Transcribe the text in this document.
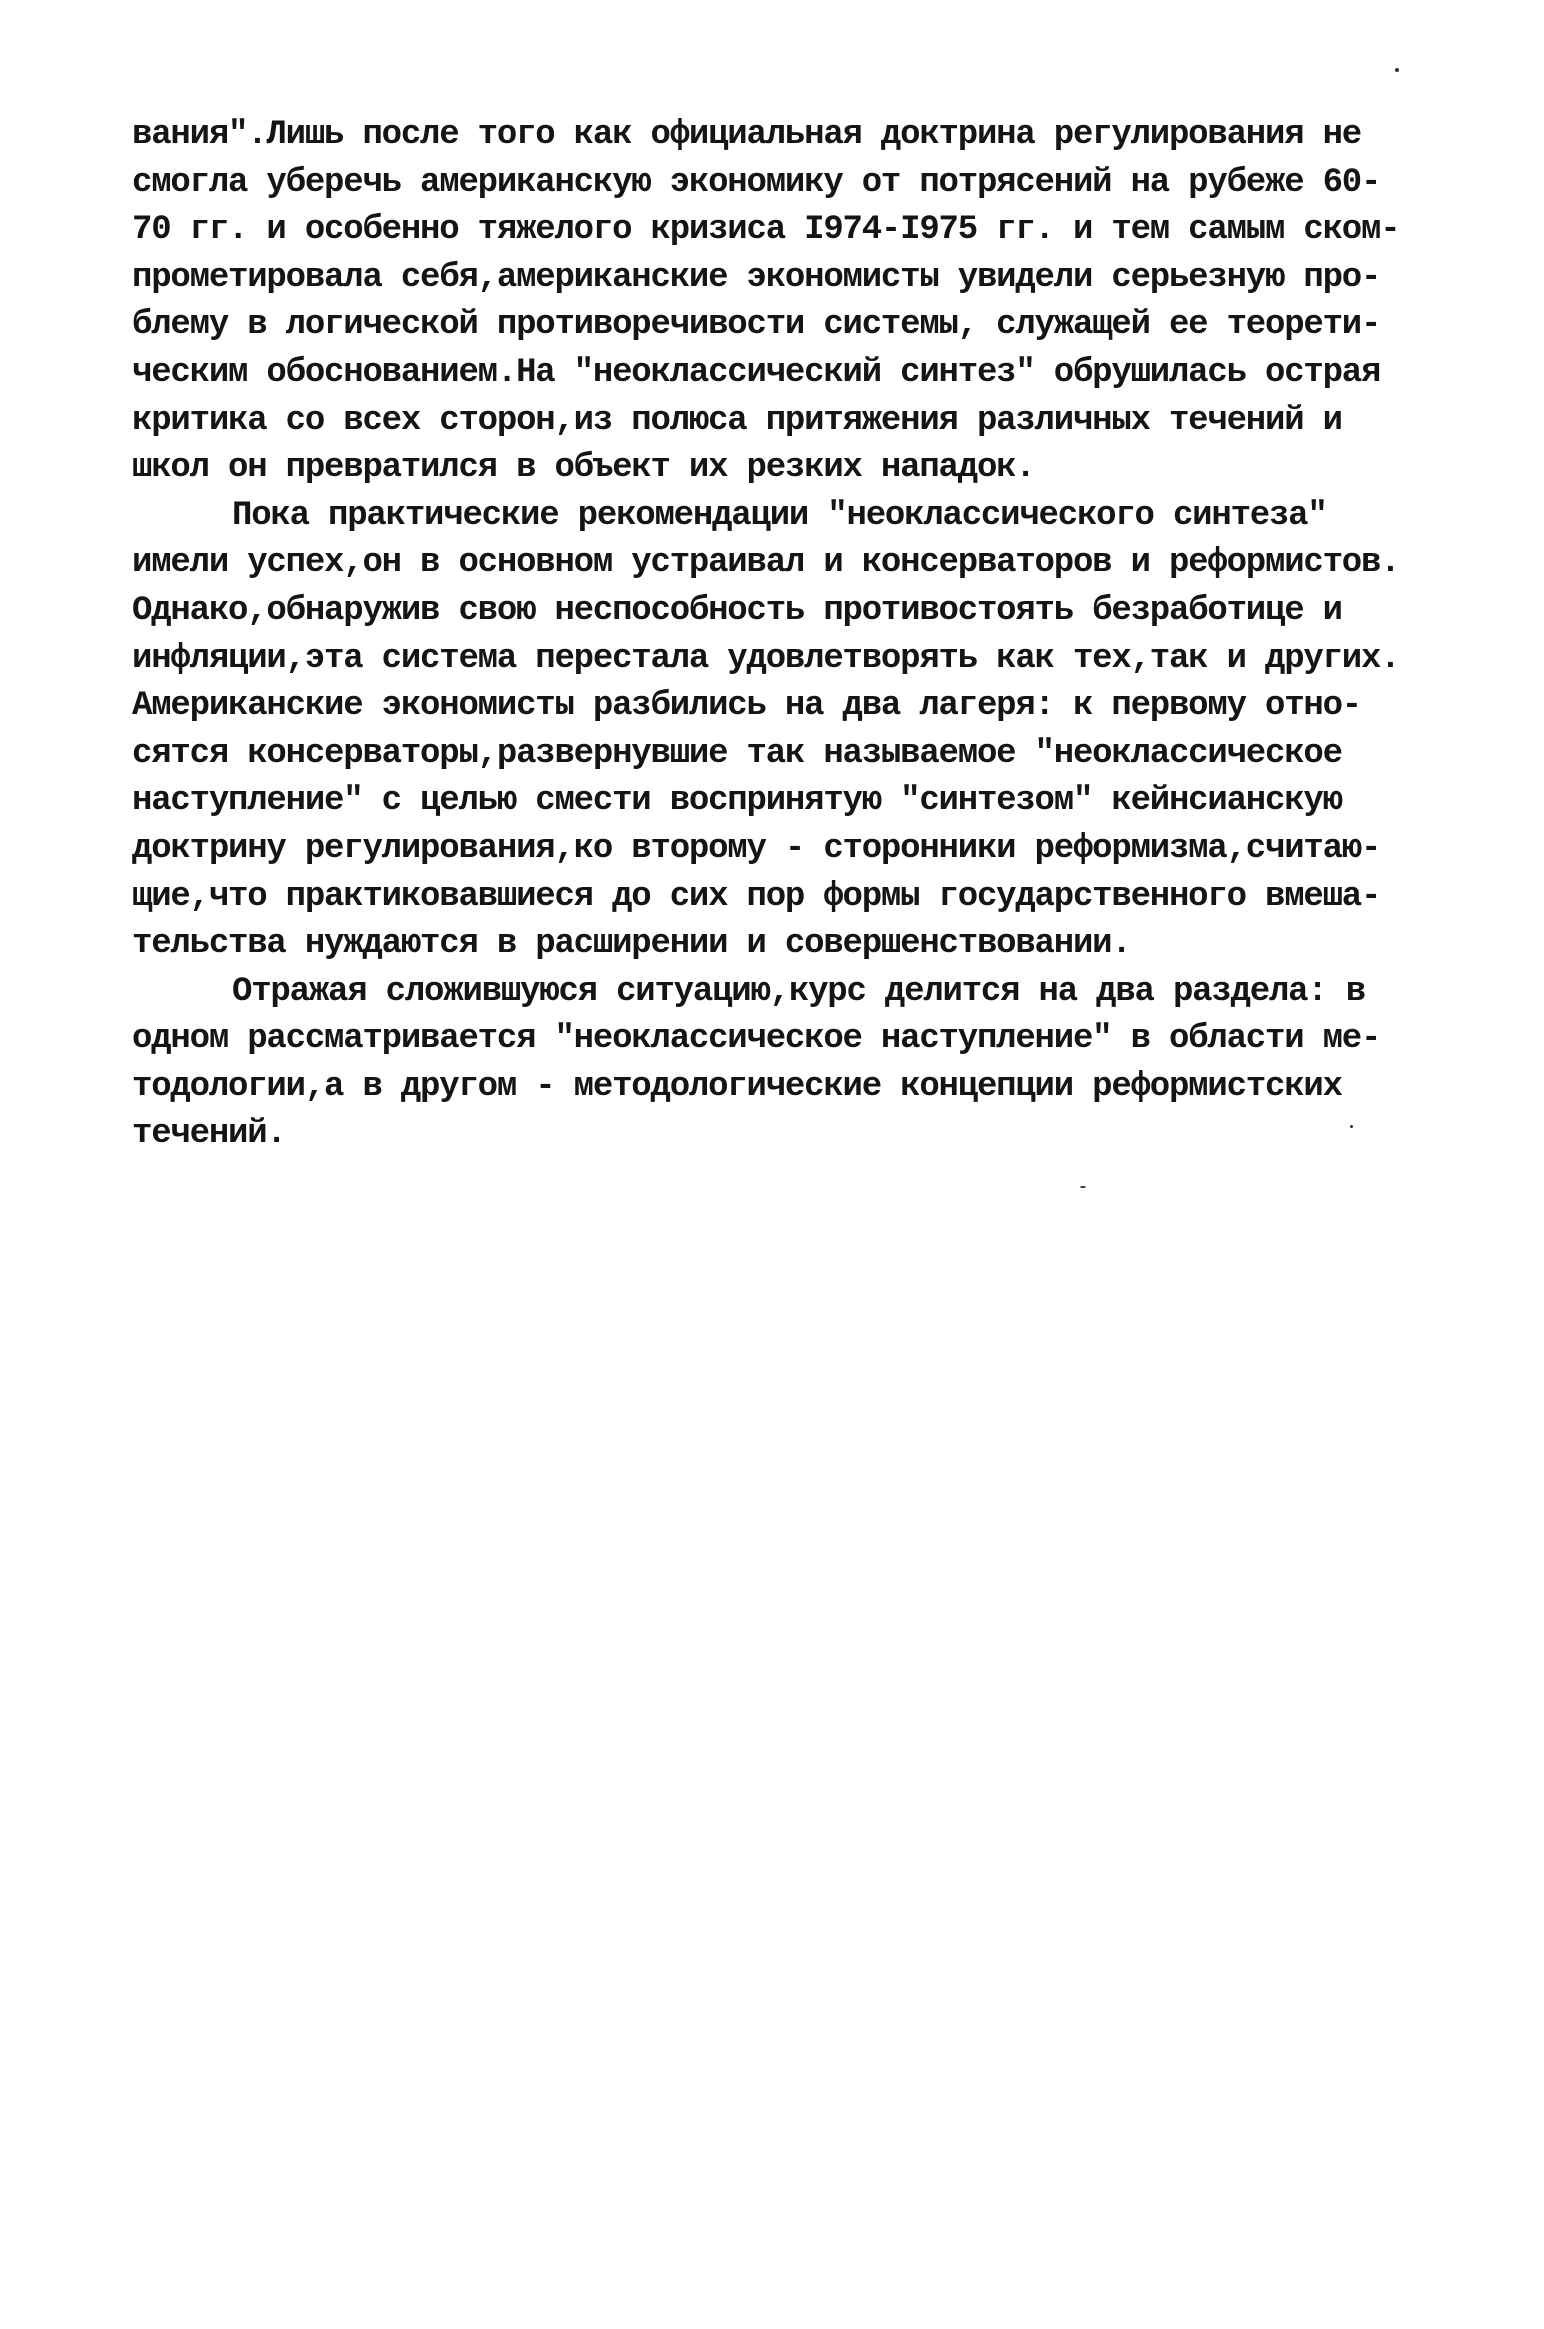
вания".Лишь после того как официальная доктрина регулирования не
смогла уберечь американскую экономику от потрясений на рубеже 60-
70 гг. и особенно тяжелого кризиса I974-I975 гг. и тем самым ском-
прометировала себя,американские экономисты увидели серьезную про-
блему в логической противоречивости системы, служащей ее теорети-
ческим обоснованием.На "неоклассический синтез" обрушилась острая
критика со всех сторон,из полюса притяжения различных течений и
школ он превратился в объект их резких нападок.
Пока практические рекомендации "неоклассического синтеза"
имели успех,он в основном устраивал и консерваторов и реформистов.
Однако,обнаружив свою неспособность противостоять безработице и
инфляции,эта система перестала удовлетворять как тех,так и других.
Американские экономисты разбились на два лагеря: к первому отно-
сятся консерваторы,развернувшие так называемое "неоклассическое
наступление" с целью смести воспринятую "синтезом" кейнсианскую
доктрину регулирования,ко второму - сторонники реформизма,считаю-
щие,что практиковавшиеся до сих пор формы государственного вмеша-
тельства нуждаются в расширении и совершенствовании.
Отражая сложившуюся ситуацию,курс делится на два раздела: в
одном рассматривается "неоклассическое наступление" в области ме-
тодологии,а в другом - методологические концепции реформистских
течений.
